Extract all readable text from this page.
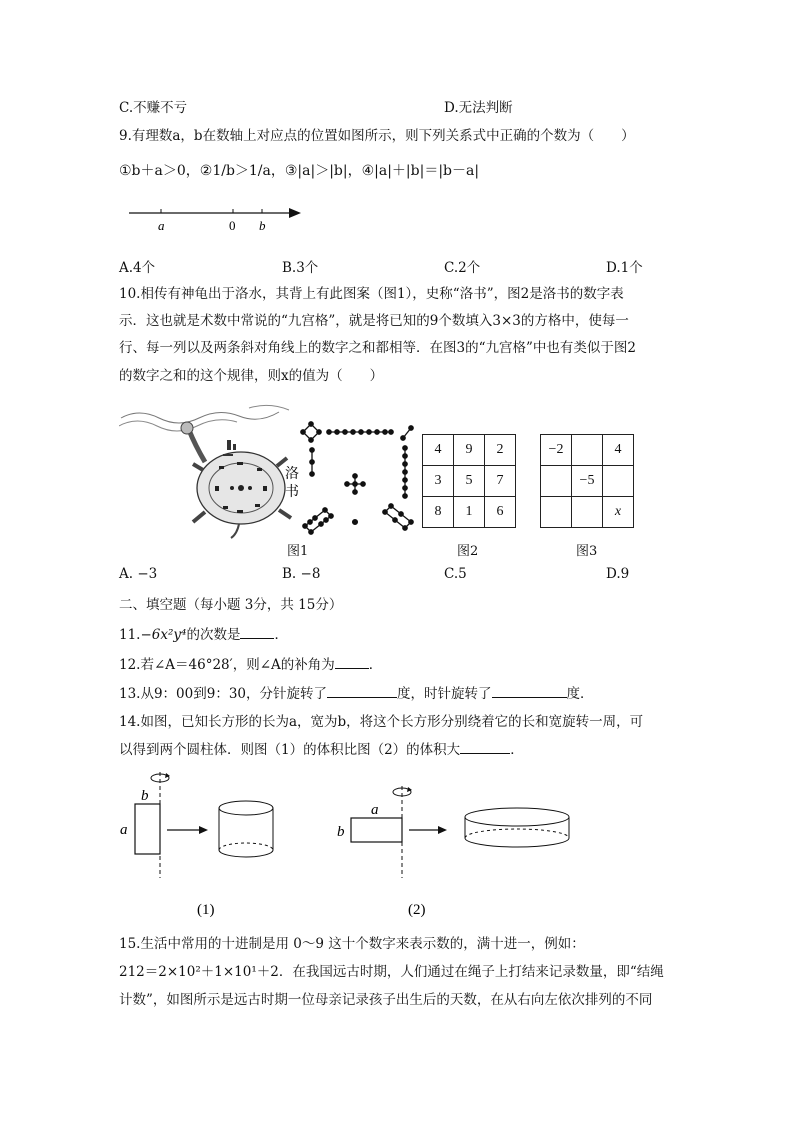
C.不赚不亏	D.无法判断
9.有理数a，b在数轴上对应点的位置如图所示，则下列关系式中正确的个数为（　　）
①b＋a＞0，②1/b＞1/a，③|a|＞|b|，④|a|＋|b|＝|b－a|
a	0 b
A.4个	B.3个	C.2个	D.1个
10.相传有神龟出于洛水，其背上有此图案（图1），史称“洛书”，图2是洛书的数字表
示．这也就是术数中常说的“九宫格”，就是将已知的9个数填入3×3的方格中，使每一
行、每一列以及两条斜对角线上的数字之和都相等．在图3的“九宫格”中也有类似于图2
的数字之和的这个规律，则x的值为（　　）
洛
书
图1
4	9	2
3	5	7
8	1	6
图2
−2		4
	−5	
		x
图3
A. −3	B. −8	C.5	D.9
二、填空题（每小题 3分，共 15分）
11.−6x²y⁴的次数是	．
12.若∠A＝46°28′，则∠A的补角为	．
13.从9：00到9：30，分针旋转了	度，时针旋转了	度．
14.如图，已知长方形的长为a，宽为b，将这个长方形分别绕着它的长和宽旋转一周，可
以得到两个圆柱体．则图（1）的体积比图（2）的体积大	．
b
a
a
b
(1)	(2)
15.生活中常用的十进制是用 0～9 这十个数字来表示数的，满十进一，例如：
212＝2×10²＋1×10¹＋2．在我国远古时期，人们通过在绳子上打结来记录数量，即“结绳
计数”，如图所示是远古时期一位母亲记录孩子出生后的天数，在从右向左依次排列的不同
